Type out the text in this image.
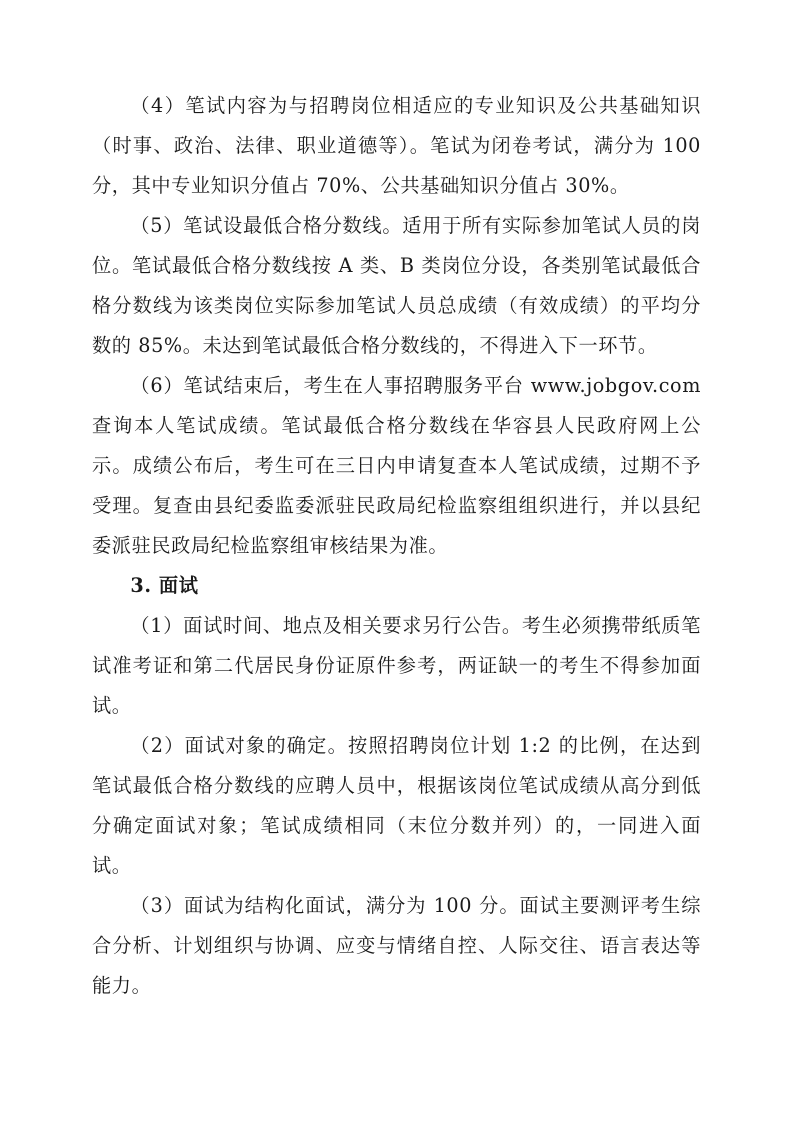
（4）笔试内容为与招聘岗位相适应的专业知识及公共基础知识（时事、政治、法律、职业道德等）。笔试为闭卷考试，满分为 100 分，其中专业知识分值占 70%、公共基础知识分值占 30%。

（5）笔试设最低合格分数线。适用于所有实际参加笔试人员的岗位。笔试最低合格分数线按 A 类、B 类岗位分设，各类别笔试最低合格分数线为该类岗位实际参加笔试人员总成绩（有效成绩）的平均分数的 85%。未达到笔试最低合格分数线的，不得进入下一环节。

（6）笔试结束后，考生在人事招聘服务平台 www.jobgov.com 查询本人笔试成绩。笔试最低合格分数线在华容县人民政府网上公示。成绩公布后，考生可在三日内申请复查本人笔试成绩，过期不予受理。复查由县纪委监委派驻民政局纪检监察组组织进行，并以县纪委派驻民政局纪检监察组审核结果为准。

3. 面试

（1）面试时间、地点及相关要求另行公告。考生必须携带纸质笔试准考证和第二代居民身份证原件参考，两证缺一的考生不得参加面试。

（2）面试对象的确定。按照招聘岗位计划 1:2 的比例，在达到笔试最低合格分数线的应聘人员中，根据该岗位笔试成绩从高分到低分确定面试对象；笔试成绩相同（末位分数并列）的，一同进入面试。

（3）面试为结构化面试，满分为 100 分。面试主要测评考生综合分析、计划组织与协调、应变与情绪自控、人际交往、语言表达等能力。
